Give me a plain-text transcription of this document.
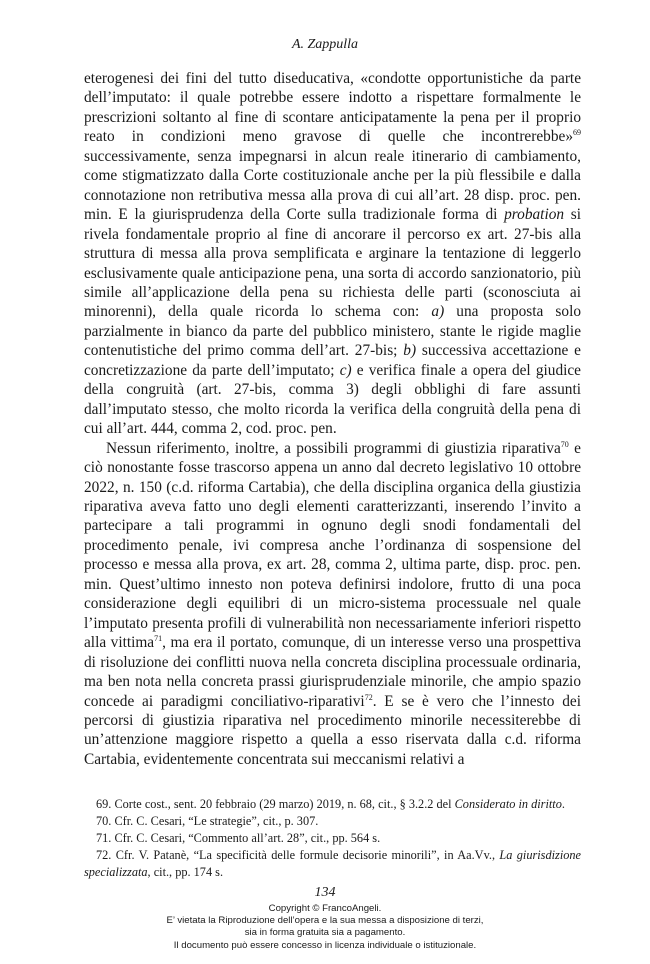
A. Zappulla

eterogenesi dei fini del tutto diseducativa, «condotte opportunistiche da parte dell’imputato: il quale potrebbe essere indotto a rispettare formalmente le prescrizioni soltanto al fine di scontare anticipatamente la pena per il proprio reato in condizioni meno gravose di quelle che incontrerebbe»$^{69}$ successivamente, senza impegnarsi in alcun reale itinerario di cambiamento, come stigmatizzato dalla Corte costituzionale anche per la più flessibile e dalla connotazione non retributiva messa alla prova di cui all’art. 28 disp. proc. pen. min. E la giurisprudenza della Corte sulla tradizionale forma di probation si rivela fondamentale proprio al fine di ancorare il percorso ex art. 27-bis alla struttura di messa alla prova semplificata e arginare la tentazione di leggerlo esclusivamente quale anticipazione pena, una sorta di accordo sanzionatorio, più simile all’applicazione della pena su richiesta delle parti (sconosciuta ai minorenni), della quale ricorda lo schema con: a) una proposta solo parzialmente in bianco da parte del pubblico ministero, stante le rigide maglie contenutistiche del primo comma dell’art. 27-bis; b) successiva accettazione e concretizzazione da parte dell’imputato; c) e verifica finale a opera del giudice della congruità (art. 27-bis, comma 3) degli obblighi di fare assunti dall’imputato stesso, che molto ricorda la verifica della congruità della pena di cui all’art. 444, comma 2, cod. proc. pen.

Nessun riferimento, inoltre, a possibili programmi di giustizia riparativa$^{70}$ e ciò nonostante fosse trascorso appena un anno dal decreto legislativo 10 ottobre 2022, n. 150 (c.d. riforma Cartabia), che della disciplina organica della giustizia riparativa aveva fatto uno degli elementi caratterizzanti, inserendo l’invito a partecipare a tali programmi in ognuno degli snodi fondamentali del procedimento penale, ivi compresa anche l’ordinanza di sospensione del processo e messa alla prova, ex art. 28, comma 2, ultima parte, disp. proc. pen. min. Quest’ultimo innesto non poteva definirsi indolore, frutto di una poca considerazione degli equilibri di un micro-sistema processuale nel quale l’imputato presenta profili di vulnerabilità non necessariamente inferiori rispetto alla vittima$^{71}$, ma era il portato, comunque, di un interesse verso una prospettiva di risoluzione dei conflitti nuova nella concreta disciplina processuale ordinaria, ma ben nota nella concreta prassi giurisprudenziale minorile, che ampio spazio concede ai paradigmi conciliativo-riparativi$^{72}$. E se è vero che l’innesto dei percorsi di giustizia riparativa nel procedimento minorile necessiterebbe di un’attenzione maggiore rispetto a quella a esso riservata dalla c.d. riforma Cartabia, evidentemente concentrata sui meccanismi relativi a

69. Corte cost., sent. 20 febbraio (29 marzo) 2019, n. 68, cit., § 3.2.2 del Considerato in diritto.

70. Cfr. C. Cesari, “Le strategie”, cit., p. 307.

71. Cfr. C. Cesari, “Commento all’art. 28”, cit., pp. 564 s.

72. Cfr. V. Patanè, “La specificità delle formule decisorie minorili”, in Aa.Vv., La giurisdizione specializzata, cit., pp. 174 s.

134
Copyright © FrancoAngeli.
E’ vietata la Riproduzione dell’opera e la sua messa a disposizione di terzi,
sia in forma gratuita sia a pagamento.
Il documento può essere concesso in licenza individuale o istituzionale.
